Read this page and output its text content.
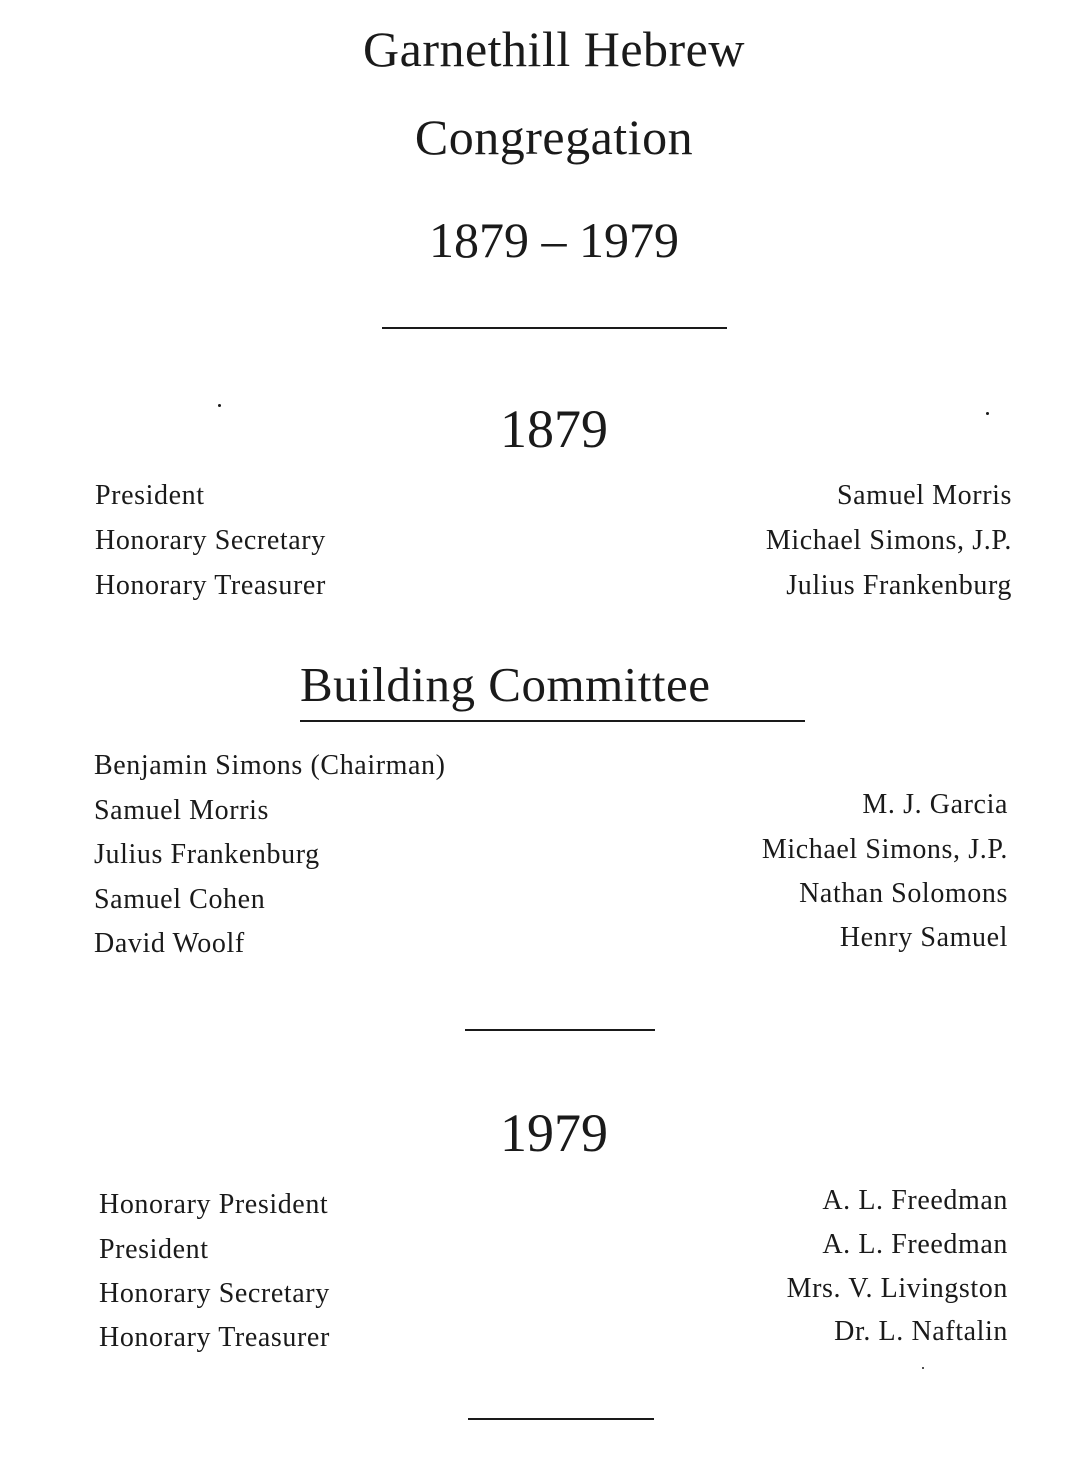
Garnethill Hebrew
Congregation
1879 – 1979
1879
President
Honorary Secretary
Honorary Treasurer
Samuel Morris
Michael Simons, J.P.
Julius Frankenburg
Building Committee
Benjamin Simons (Chairman)
Samuel Morris
Julius Frankenburg
Samuel Cohen
David Woolf
M. J. Garcia
Michael Simons, J.P.
Nathan Solomons
Henry Samuel
1979
Honorary President
President
Honorary Secretary
Honorary Treasurer
A. L. Freedman
A. L. Freedman
Mrs. V. Livingston
Dr. L. Naftalin
